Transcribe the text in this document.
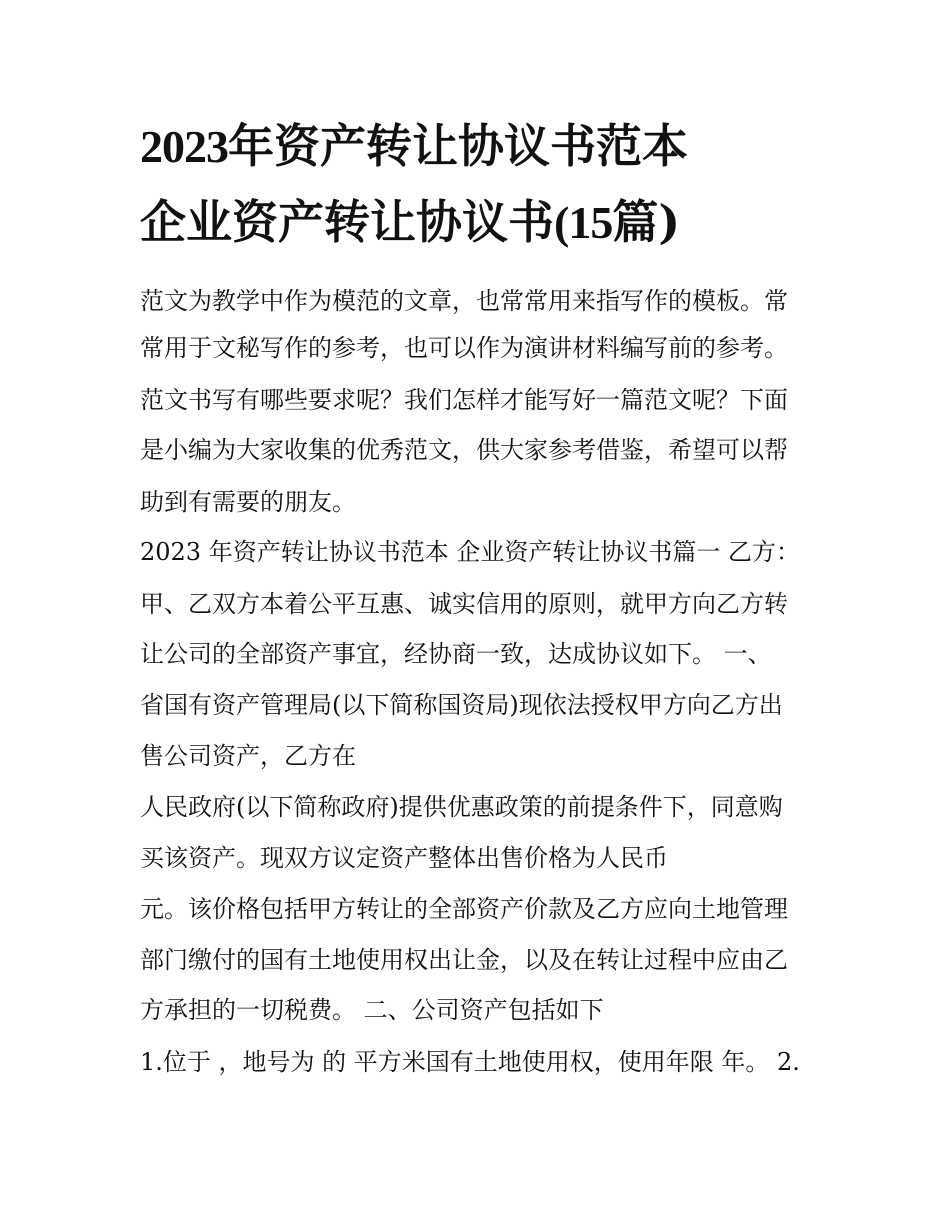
2023年资产转让协议书范本
企业资产转让协议书(15篇)

范文为教学中作为模范的文章，也常常用来指写作的模板。常

常用于文秘写作的参考，也可以作为演讲材料编写前的参考。

范文书写有哪些要求呢？我们怎样才能写好一篇范文呢？下面

是小编为大家收集的优秀范文，供大家参考借鉴，希望可以帮

助到有需要的朋友。

2023 年资产转让协议书范本 企业资产转让协议书篇一 乙方：

甲、乙双方本着公平互惠、诚实信用的原则，就甲方向乙方转

让公司的全部资产事宜，经协商一致，达成协议如下。 一、

省国有资产管理局(以下简称国资局)现依法授权甲方向乙方出

售公司资产，乙方在

人民政府(以下简称政府)提供优惠政策的前提条件下，同意购

买该资产。现双方议定资产整体出售价格为人民币

元。该价格包括甲方转让的全部资产价款及乙方应向土地管理

部门缴付的国有土地使用权出让金，以及在转让过程中应由乙

方承担的一切税费。 二、公司资产包括如下

1.位于 ，地号为 的 平方米国有土地使用权，使用年限 年。 2.
